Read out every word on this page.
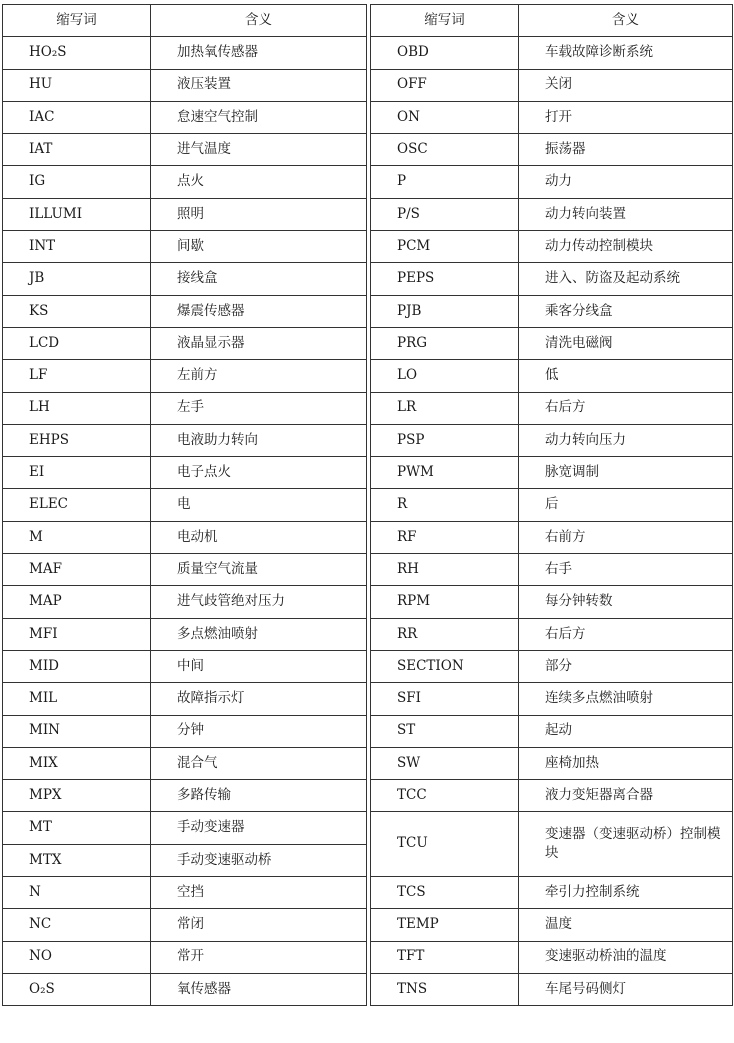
缩写词	含义		缩写词	含义
HO₂S	加热氧传感器		OBD	车载故障诊断系统
HU	液压装置		OFF	关闭
IAC	怠速空气控制		ON	打开
IAT	进气温度		OSC	振荡器
IG	点火		P	动力
ILLUMI	照明		P/S	动力转向装置
INT	间歇		PCM	动力传动控制模块
JB	接线盒		PEPS	进入、防盗及起动系统
KS	爆震传感器		PJB	乘客分线盒
LCD	液晶显示器		PRG	清洗电磁阀
LF	左前方		LO	低
LH	左手		LR	右后方
EHPS	电液助力转向		PSP	动力转向压力
EI	电子点火		PWM	脉宽调制
ELEC	电		R	后
M	电动机		RF	右前方
MAF	质量空气流量		RH	右手
MAP	进气歧管绝对压力		RPM	每分钟转数
MFI	多点燃油喷射		RR	右后方
MID	中间		SECTION	部分
MIL	故障指示灯		SFI	连续多点燃油喷射
MIN	分钟		ST	起动
MIX	混合气		SW	座椅加热
MPX	多路传输		TCC	液力变矩器离合器
MT	手动变速器		TCU	变速器（变速驱动桥）控制模块
MTX	手动变速驱动桥			
N	空挡		TCS	牵引力控制系统
NC	常闭		TEMP	温度
NO	常开		TFT	变速驱动桥油的温度
O₂S	氧传感器		TNS	车尾号码侧灯
